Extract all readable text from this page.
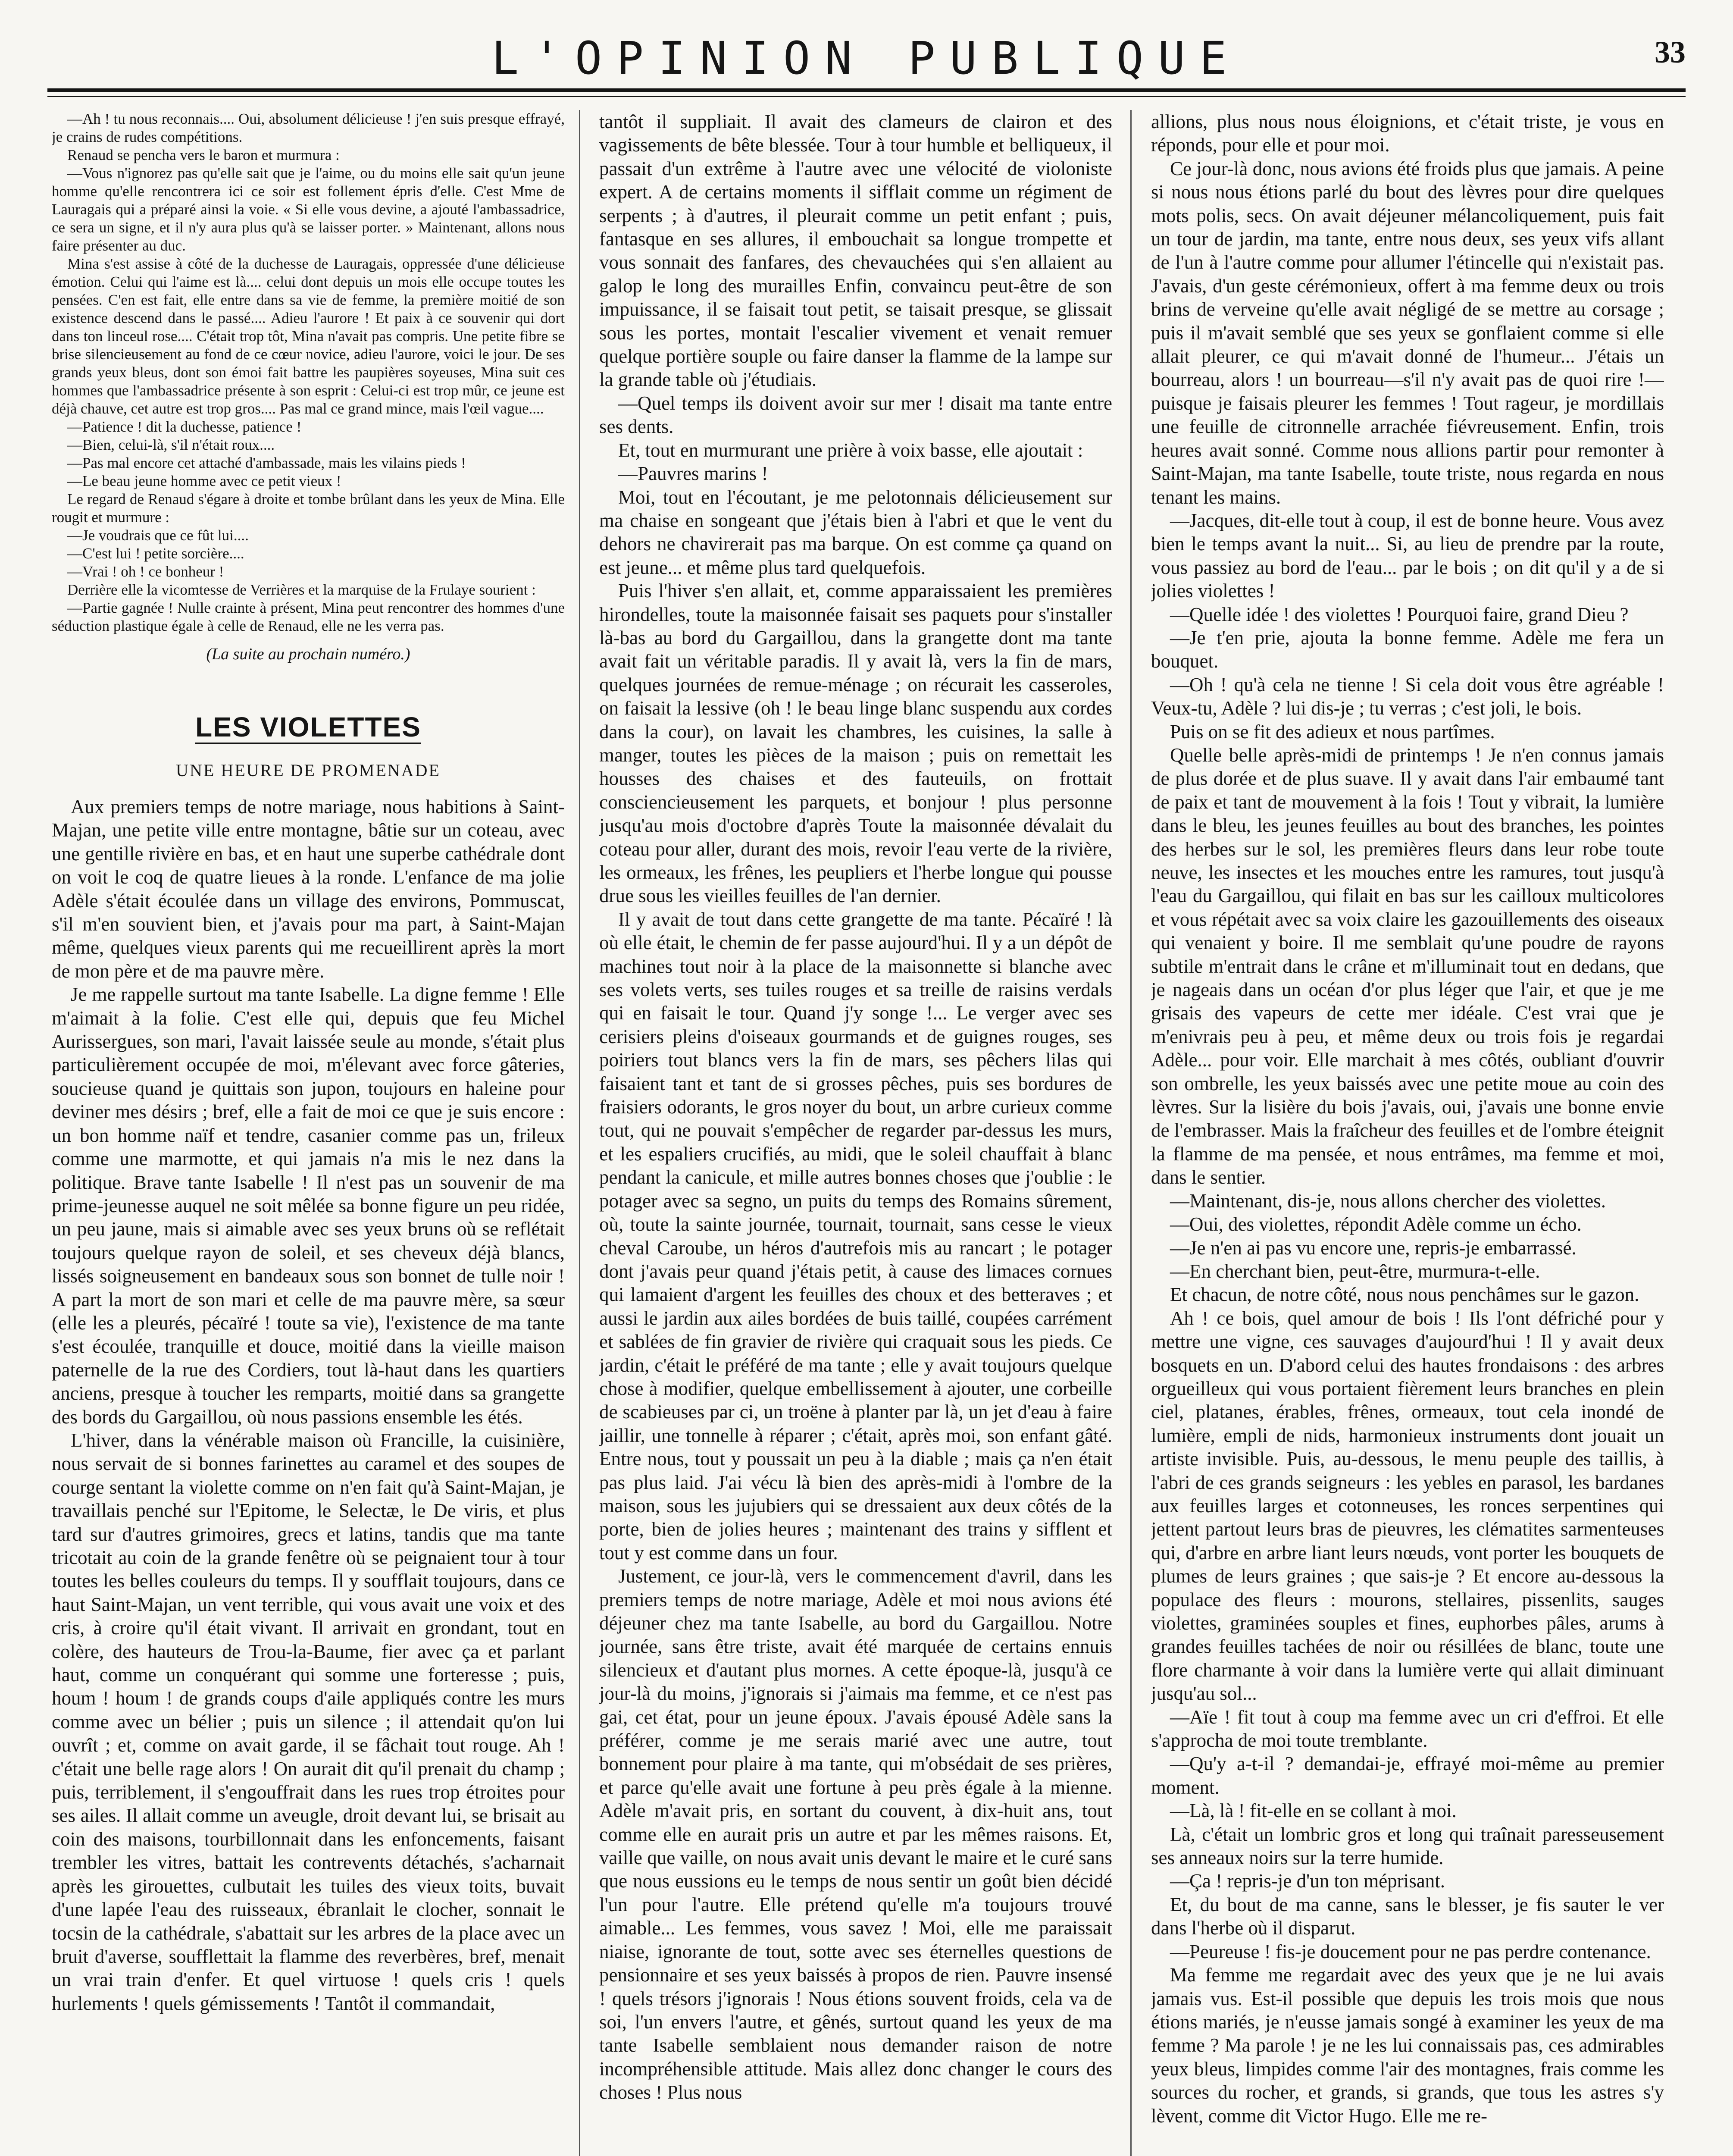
L'OPINION PUBLIQUE	33

—Ah ! tu nous reconnais.... Oui, absolument délicieuse ! j'en suis presque effrayé, je crains de rudes compétitions.

Renaud se pencha vers le baron et murmura :

—Vous n'ignorez pas qu'elle sait que je l'aime, ou du moins elle sait qu'un jeune homme qu'elle rencontrera ici ce soir est follement épris d'elle. C'est Mme de Lauragais qui a préparé ainsi la voie. « Si elle vous devine, a ajouté l'ambassadrice, ce sera un signe, et il n'y aura plus qu'à se laisser porter. » Maintenant, allons nous faire présenter au duc.

Mina s'est assise à côté de la duchesse de Lauragais, oppressée d'une délicieuse émotion. Celui qui l'aime est là.... celui dont depuis un mois elle occupe toutes les pensées. C'en est fait, elle entre dans sa vie de femme, la première moitié de son existence descend dans le passé.... Adieu l'aurore ! Et paix à ce souvenir qui dort dans ton linceul rose.... C'était trop tôt, Mina n'avait pas compris. Une petite fibre se brise silencieusement au fond de ce cœur novice, adieu l'aurore, voici le jour. De ses grands yeux bleus, dont son émoi fait battre les paupières soyeuses, Mina suit ces hommes que l'ambassadrice présente à son esprit : Celui-ci est trop mûr, ce jeune est déjà chauve, cet autre est trop gros.... Pas mal ce grand mince, mais l'œil vague....

—Patience ! dit la duchesse, patience !

—Bien, celui-là, s'il n'était roux....

—Pas mal encore cet attaché d'ambassade, mais les vilains pieds !

—Le beau jeune homme avec ce petit vieux !

Le regard de Renaud s'égare à droite et tombe brûlant dans les yeux de Mina. Elle rougit et murmure :

—Je voudrais que ce fût lui....

—C'est lui ! petite sorcière....

—Vrai ! oh ! ce bonheur !

Derrière elle la vicomtesse de Verrières et la marquise de la Frulaye sourient :

—Partie gagnée ! Nulle crainte à présent, Mina peut rencontrer des hommes d'une séduction plastique égale à celle de Renaud, elle ne les verra pas.

(La suite au prochain numéro.)
LES VIOLETTES
UNE HEURE DE PROMENADE

Aux premiers temps de notre mariage, nous habitions à Saint-Majan, une petite ville entre montagne, bâtie sur un coteau, avec une gentille rivière en bas, et en haut une superbe cathédrale dont on voit le coq de quatre lieues à la ronde. L'enfance de ma jolie Adèle s'était écoulée dans un village des environs, Pommuscat, s'il m'en souvient bien, et j'avais pour ma part, à Saint-Majan même, quelques vieux parents qui me recueillirent après la mort de mon père et de ma pauvre mère.

Je me rappelle surtout ma tante Isabelle. La digne femme ! Elle m'aimait à la folie. C'est elle qui, depuis que feu Michel Aurissergues, son mari, l'avait laissée seule au monde, s'était plus particulièrement occupée de moi, m'élevant avec force gâteries, soucieuse quand je quittais son jupon, toujours en haleine pour deviner mes désirs ; bref, elle a fait de moi ce que je suis encore : un bon homme naïf et tendre, casanier comme pas un, frileux comme une marmotte, et qui jamais n'a mis le nez dans la politique. Brave tante Isabelle ! Il n'est pas un souvenir de ma prime-jeunesse auquel ne soit mêlée sa bonne figure un peu ridée, un peu jaune, mais si aimable avec ses yeux bruns où se reflétait toujours quelque rayon de soleil, et ses cheveux déjà blancs, lissés soigneusement en bandeaux sous son bonnet de tulle noir ! A part la mort de son mari et celle de ma pauvre mère, sa sœur (elle les a pleurés, pécaïré ! toute sa vie), l'existence de ma tante s'est écoulée, tranquille et douce, moitié dans la vieille maison paternelle de la rue des Cordiers, tout là-haut dans les quartiers anciens, presque à toucher les remparts, moitié dans sa grangette des bords du Gargaillou, où nous passions ensemble les étés.

L'hiver, dans la vénérable maison où Francille, la cuisinière, nous servait de si bonnes farinettes au caramel et des soupes de courge sentant la violette comme on n'en fait qu'à Saint-Majan, je travaillais penché sur l'Epitome, le Selectæ, le De viris, et plus tard sur d'autres grimoires, grecs et latins, tandis que ma tante tricotait au coin de la grande fenêtre où se peignaient tour à tour toutes les belles couleurs du temps. Il y soufflait toujours, dans ce haut Saint-Majan, un vent terrible, qui vous avait une voix et des cris, à croire qu'il était vivant. Il arrivait en grondant, tout en colère, des hauteurs de Trou-la-Baume, fier avec ça et parlant haut, comme un conquérant qui somme une forteresse ; puis, houm ! houm ! de grands coups d'aile appliqués contre les murs comme avec un bélier ; puis un silence ; il attendait qu'on lui ouvrît ; et, comme on avait garde, il se fâchait tout rouge. Ah ! c'était une belle rage alors ! On aurait dit qu'il prenait du champ ; puis, terriblement, il s'engouffrait dans les rues trop étroites pour ses ailes. Il allait comme un aveugle, droit devant lui, se brisait au coin des maisons, tourbillonnait dans les enfoncements, faisant trembler les vitres, battait les contrevents détachés, s'acharnait après les girouettes, culbutait les tuiles des vieux toits, buvait d'une lapée l'eau des ruisseaux, ébranlait le clocher, sonnait le tocsin de la cathédrale, s'abattait sur les arbres de la place avec un bruit d'averse, soufflettait la flamme des reverbères, bref, menait un vrai train d'enfer. Et quel virtuose ! quels cris ! quels hurlements ! quels gémissements ! Tantôt il commandait,

tantôt il suppliait. Il avait des clameurs de clairon et des vagissements de bête blessée. Tour à tour humble et belliqueux, il passait d'un extrême à l'autre avec une vélocité de violoniste expert. A de certains moments il sifflait comme un régiment de serpents ; à d'autres, il pleurait comme un petit enfant ; puis, fantasque en ses allures, il embouchait sa longue trompette et vous sonnait des fanfares, des chevauchées qui s'en allaient au galop le long des murailles Enfin, convaincu peut-être de son impuissance, il se faisait tout petit, se taisait presque, se glissait sous les portes, montait l'escalier vivement et venait remuer quelque portière souple ou faire danser la flamme de la lampe sur la grande table où j'étudiais.

—Quel temps ils doivent avoir sur mer ! disait ma tante entre ses dents.

Et, tout en murmurant une prière à voix basse, elle ajoutait :

—Pauvres marins !

Moi, tout en l'écoutant, je me pelotonnais délicieusement sur ma chaise en songeant que j'étais bien à l'abri et que le vent du dehors ne chavirerait pas ma barque. On est comme ça quand on est jeune... et même plus tard quelquefois.

Puis l'hiver s'en allait, et, comme apparaissaient les premières hirondelles, toute la maisonnée faisait ses paquets pour s'installer là-bas au bord du Gargaillou, dans la grangette dont ma tante avait fait un véritable paradis. Il y avait là, vers la fin de mars, quelques journées de remue-ménage ; on récurait les casseroles, on faisait la lessive (oh ! le beau linge blanc suspendu aux cordes dans la cour), on lavait les chambres, les cuisines, la salle à manger, toutes les pièces de la maison ; puis on remettait les housses des chaises et des fauteuils, on frottait consciencieusement les parquets, et bonjour ! plus personne jusqu'au mois d'octobre d'après Toute la maisonnée dévalait du coteau pour aller, durant des mois, revoir l'eau verte de la rivière, les ormeaux, les frênes, les peupliers et l'herbe longue qui pousse drue sous les vieilles feuilles de l'an dernier.

Il y avait de tout dans cette grangette de ma tante. Pécaïré ! là où elle était, le chemin de fer passe aujourd'hui. Il y a un dépôt de machines tout noir à la place de la maisonnette si blanche avec ses volets verts, ses tuiles rouges et sa treille de raisins verdals qui en faisait le tour. Quand j'y songe !... Le verger avec ses cerisiers pleins d'oiseaux gourmands et de guignes rouges, ses poiriers tout blancs vers la fin de mars, ses pêchers lilas qui faisaient tant et tant de si grosses pêches, puis ses bordures de fraisiers odorants, le gros noyer du bout, un arbre curieux comme tout, qui ne pouvait s'empêcher de regarder par-dessus les murs, et les espaliers crucifiés, au midi, que le soleil chauffait à blanc pendant la canicule, et mille autres bonnes choses que j'oublie : le potager avec sa segno, un puits du temps des Romains sûrement, où, toute la sainte journée, tournait, tournait, sans cesse le vieux cheval Caroube, un héros d'autrefois mis au rancart ; le potager dont j'avais peur quand j'étais petit, à cause des limaces cornues qui lamaient d'argent les feuilles des choux et des betteraves ; et aussi le jardin aux ailes bordées de buis taillé, coupées carrément et sablées de fin gravier de rivière qui craquait sous les pieds. Ce jardin, c'était le préféré de ma tante ; elle y avait toujours quelque chose à modifier, quelque embellissement à ajouter, une corbeille de scabieuses par ci, un troëne à planter par là, un jet d'eau à faire jaillir, une tonnelle à réparer ; c'était, après moi, son enfant gâté. Entre nous, tout y poussait un peu à la diable ; mais ça n'en était pas plus laid. J'ai vécu là bien des après-midi à l'ombre de la maison, sous les jujubiers qui se dressaient aux deux côtés de la porte, bien de jolies heures ; maintenant des trains y sifflent et tout y est comme dans un four.

Justement, ce jour-là, vers le commencement d'avril, dans les premiers temps de notre mariage, Adèle et moi nous avions été déjeuner chez ma tante Isabelle, au bord du Gargaillou. Notre journée, sans être triste, avait été marquée de certains ennuis silencieux et d'autant plus mornes. A cette époque-là, jusqu'à ce jour-là du moins, j'ignorais si j'aimais ma femme, et ce n'est pas gai, cet état, pour un jeune époux. J'avais épousé Adèle sans la préférer, comme je me serais marié avec une autre, tout bonnement pour plaire à ma tante, qui m'obsédait de ses prières, et parce qu'elle avait une fortune à peu près égale à la mienne. Adèle m'avait pris, en sortant du couvent, à dix-huit ans, tout comme elle en aurait pris un autre et par les mêmes raisons. Et, vaille que vaille, on nous avait unis devant le maire et le curé sans que nous eussions eu le temps de nous sentir un goût bien décidé l'un pour l'autre. Elle prétend qu'elle m'a toujours trouvé aimable... Les femmes, vous savez ! Moi, elle me paraissait niaise, ignorante de tout, sotte avec ses éternelles questions de pensionnaire et ses yeux baissés à propos de rien. Pauvre insensé ! quels trésors j'ignorais ! Nous étions souvent froids, cela va de soi, l'un envers l'autre, et gênés, surtout quand les yeux de ma tante Isabelle semblaient nous demander raison de notre incompréhensible attitude. Mais allez donc changer le cours des choses ! Plus nous

allions, plus nous nous éloignions, et c'était triste, je vous en réponds, pour elle et pour moi.

Ce jour-là donc, nous avions été froids plus que jamais. A peine si nous nous étions parlé du bout des lèvres pour dire quelques mots polis, secs. On avait déjeuner mélancoliquement, puis fait un tour de jardin, ma tante, entre nous deux, ses yeux vifs allant de l'un à l'autre comme pour allumer l'étincelle qui n'existait pas. J'avais, d'un geste cérémonieux, offert à ma femme deux ou trois brins de verveine qu'elle avait négligé de se mettre au corsage ; puis il m'avait semblé que ses yeux se gonflaient comme si elle allait pleurer, ce qui m'avait donné de l'humeur... J'étais un bourreau, alors ! un bourreau—s'il n'y avait pas de quoi rire !—puisque je faisais pleurer les femmes ! Tout rageur, je mordillais une feuille de citronnelle arrachée fiévreusement. Enfin, trois heures avait sonné. Comme nous allions partir pour remonter à Saint-Majan, ma tante Isabelle, toute triste, nous regarda en nous tenant les mains.

—Jacques, dit-elle tout à coup, il est de bonne heure. Vous avez bien le temps avant la nuit... Si, au lieu de prendre par la route, vous passiez au bord de l'eau... par le bois ; on dit qu'il y a de si jolies violettes !

—Quelle idée ! des violettes ! Pourquoi faire, grand Dieu ?

—Je t'en prie, ajouta la bonne femme. Adèle me fera un bouquet.

—Oh ! qu'à cela ne tienne ! Si cela doit vous être agréable ! Veux-tu, Adèle ? lui dis-je ; tu verras ; c'est joli, le bois.

Puis on se fit des adieux et nous partîmes.

Quelle belle après-midi de printemps ! Je n'en connus jamais de plus dorée et de plus suave. Il y avait dans l'air embaumé tant de paix et tant de mouvement à la fois ! Tout y vibrait, la lumière dans le bleu, les jeunes feuilles au bout des branches, les pointes des herbes sur le sol, les premières fleurs dans leur robe toute neuve, les insectes et les mouches entre les ramures, tout jusqu'à l'eau du Gargaillou, qui filait en bas sur les cailloux multicolores et vous répétait avec sa voix claire les gazouillements des oiseaux qui venaient y boire. Il me semblait qu'une poudre de rayons subtile m'entrait dans le crâne et m'illuminait tout en dedans, que je nageais dans un océan d'or plus léger que l'air, et que je me grisais des vapeurs de cette mer idéale. C'est vrai que je m'enivrais peu à peu, et même deux ou trois fois je regardai Adèle... pour voir. Elle marchait à mes côtés, oubliant d'ouvrir son ombrelle, les yeux baissés avec une petite moue au coin des lèvres. Sur la lisière du bois j'avais, oui, j'avais une bonne envie de l'embrasser. Mais la fraîcheur des feuilles et de l'ombre éteignit la flamme de ma pensée, et nous entrâmes, ma femme et moi, dans le sentier.

—Maintenant, dis-je, nous allons chercher des violettes.

—Oui, des violettes, répondit Adèle comme un écho.

—Je n'en ai pas vu encore une, repris-je embarrassé.

—En cherchant bien, peut-être, murmura-t-elle.

Et chacun, de notre côté, nous nous penchâmes sur le gazon.

Ah ! ce bois, quel amour de bois ! Ils l'ont défriché pour y mettre une vigne, ces sauvages d'aujourd'hui ! Il y avait deux bosquets en un. D'abord celui des hautes frondaisons : des arbres orgueilleux qui vous portaient fièrement leurs branches en plein ciel, platanes, érables, frênes, ormeaux, tout cela inondé de lumière, empli de nids, harmonieux instruments dont jouait un artiste invisible. Puis, au-dessous, le menu peuple des taillis, à l'abri de ces grands seigneurs : les yebles en parasol, les bardanes aux feuilles larges et cotonneuses, les ronces serpentines qui jettent partout leurs bras de pieuvres, les clématites sarmenteuses qui, d'arbre en arbre liant leurs nœuds, vont porter les bouquets de plumes de leurs graines ; que sais-je ? Et encore au-dessous la populace des fleurs : mourons, stellaires, pissenlits, sauges violettes, graminées souples et fines, euphorbes pâles, arums à grandes feuilles tachées de noir ou résillées de blanc, toute une flore charmante à voir dans la lumière verte qui allait diminuant jusqu'au sol...

—Aïe ! fit tout à coup ma femme avec un cri d'effroi. Et elle s'approcha de moi toute tremblante.

—Qu'y a-t-il ? demandai-je, effrayé moi-même au premier moment.

—Là, là ! fit-elle en se collant à moi.

Là, c'était un lombric gros et long qui traînait paresseusement ses anneaux noirs sur la terre humide.

—Ça ! repris-je d'un ton méprisant.

Et, du bout de ma canne, sans le blesser, je fis sauter le ver dans l'herbe où il disparut.

—Peureuse ! fis-je doucement pour ne pas perdre contenance.

Ma femme me regardait avec des yeux que je ne lui avais jamais vus. Est-il possible que depuis les trois mois que nous étions mariés, je n'eusse jamais songé à examiner les yeux de ma femme ? Ma parole ! je ne les lui connaissais pas, ces admirables yeux bleus, limpides comme l'air des montagnes, frais comme les sources du rocher, et grands, si grands, que tous les astres s'y lèvent, comme dit Victor Hugo. Elle me re-
